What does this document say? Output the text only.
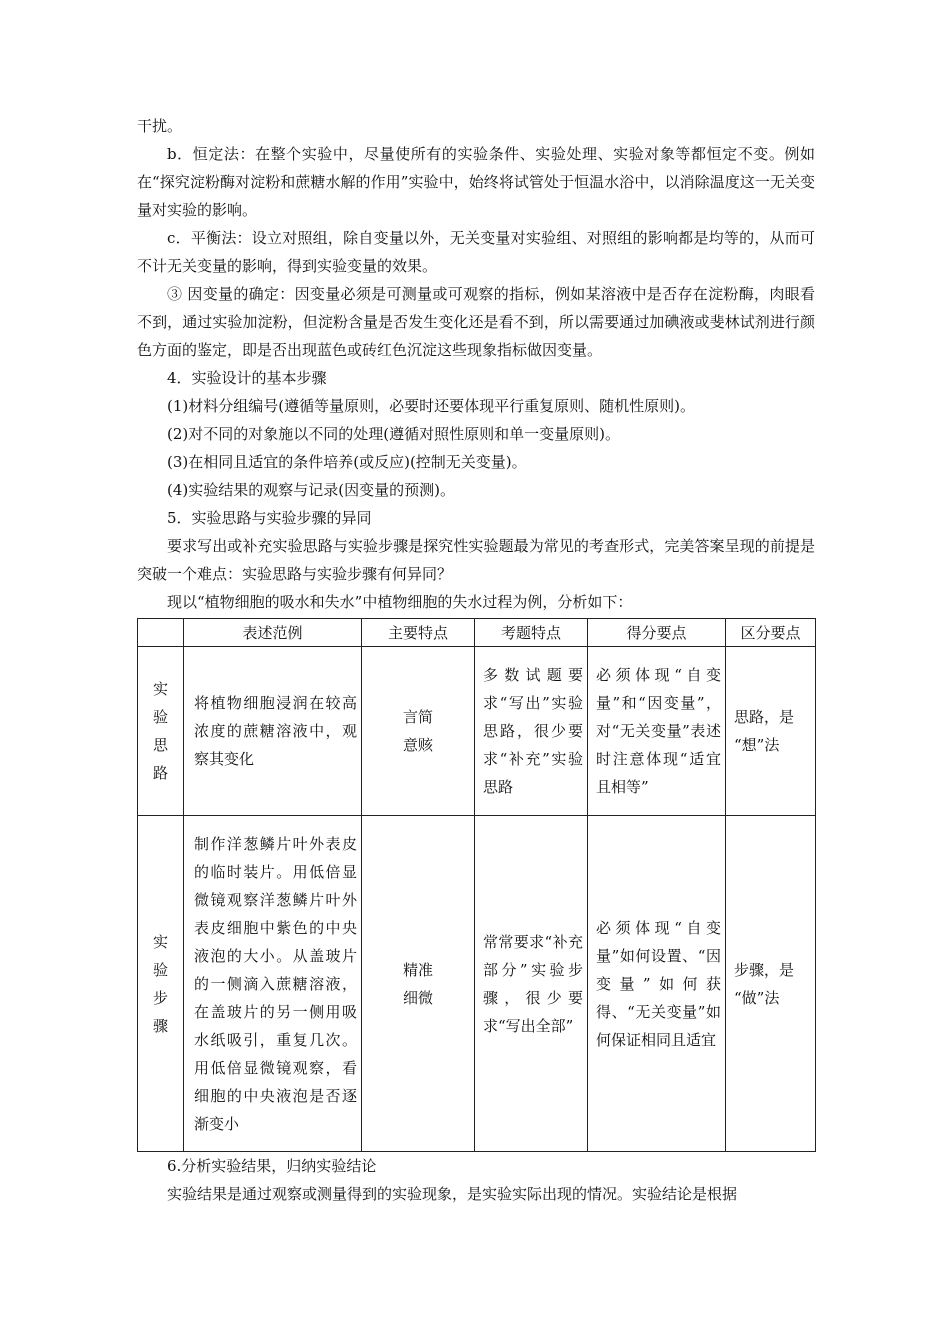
干扰。

b．恒定法：在整个实验中，尽量使所有的实验条件、实验处理、实验对象等都恒定不变。例如在“探究淀粉酶对淀粉和蔗糖水解的作用”实验中，始终将试管处于恒温水浴中，以消除温度这一无关变量对实验的影响。

c．平衡法：设立对照组，除自变量以外，无关变量对实验组、对照组的影响都是均等的，从而可不计无关变量的影响，得到实验变量的效果。

③ 因变量的确定：因变量必须是可测量或可观察的指标，例如某溶液中是否存在淀粉酶，肉眼看不到，通过实验加淀粉，但淀粉含量是否发生变化还是看不到，所以需要通过加碘液或斐林试剂进行颜色方面的鉴定，即是否出现蓝色或砖红色沉淀这些现象指标做因变量。

4．实验设计的基本步骤

(1)材料分组编号(遵循等量原则，必要时还要体现平行重复原则、随机性原则)。

(2)对不同的对象施以不同的处理(遵循对照性原则和单一变量原则)。

(3)在相同且适宜的条件培养(或反应)(控制无关变量)。

(4)实验结果的观察与记录(因变量的预测)。

5．实验思路与实验步骤的异同

要求写出或补充实验思路与实验步骤是探究性实验题最为常见的考查形式，完美答案呈现的前提是突破一个难点：实验思路与实验步骤有何异同？

现以“植物细胞的吸水和失水”中植物细胞的失水过程为例，分析如下：

	表述范例	主要特点	考题特点	得分要点	区分要点

实
验
思
路	将植物细胞浸润在较高浓度的蔗糖溶液中，观察其变化	言简
意赅	多数试题要求“写出”实验思路，很少要求“补充”实验思路	必须体现“自变量”和“因变量”，对“无关变量”表述时注意体现“适宜且相等”	思路，是
“想”法

实
验
步
骤	制作洋葱鳞片叶外表皮的临时装片。用低倍显微镜观察洋葱鳞片叶外表皮细胞中紫色的中央液泡的大小。从盖玻片的一侧滴入蔗糖溶液，在盖玻片的另一侧用吸水纸吸引，重复几次。用低倍显微镜观察，看细胞的中央液泡是否逐渐变小	精准
细微	常常要求“补充部分”实验步骤，很少要求“写出全部”	必须体现“自变量”如何设置、“因变量”如何获得、“无关变量”如何保证相同且适宜	步骤，是
“做”法

6.分析实验结果，归纳实验结论

实验结果是通过观察或测量得到的实验现象，是实验实际出现的情况。实验结论是根据
